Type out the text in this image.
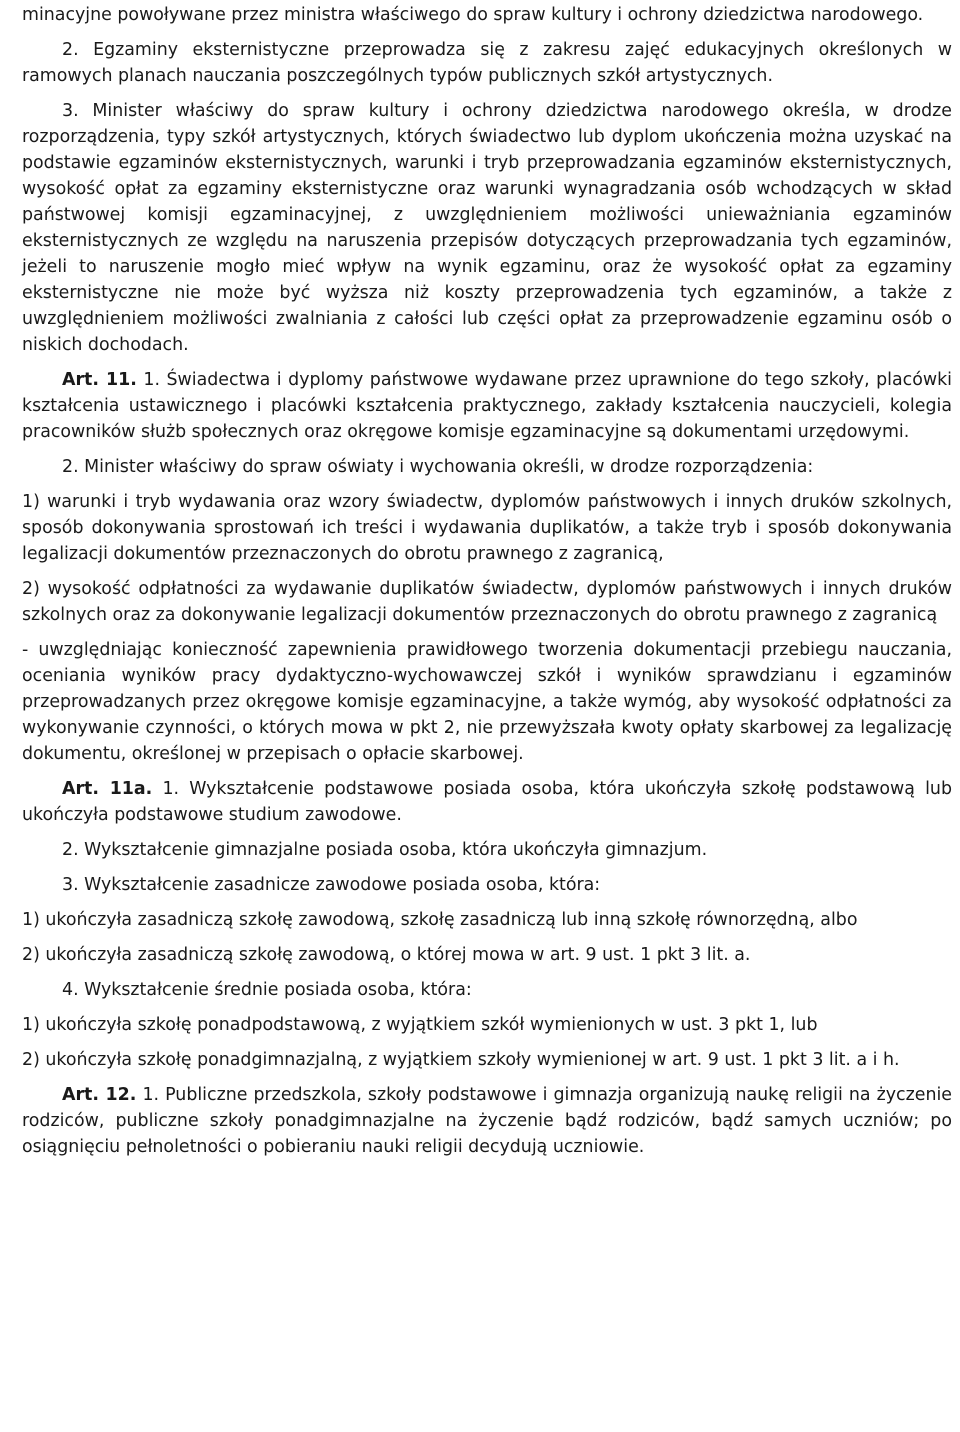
minacyjne powoływane przez ministra właściwego do spraw kultury i ochrony dziedzictwa narodowego.

2. Egzaminy eksternistyczne przeprowadza się z zakresu zajęć edukacyjnych określonych w ramowych planach nauczania poszczególnych typów publicznych szkół artystycznych.

3. Minister właściwy do spraw kultury i ochrony dziedzictwa narodowego określa, w drodze rozporządzenia, typy szkół artystycznych, których świadectwo lub dyplom ukończenia można uzyskać na podstawie egzaminów eksternistycznych, warunki i tryb przeprowadzania egzaminów eksternistycznych, wysokość opłat za egzaminy eksternistyczne oraz warunki wynagradzania osób wchodzących w skład państwowej komisji egzaminacyjnej, z uwzględnieniem możliwości unieważniania egzaminów eksternistycznych ze względu na naruszenia przepisów dotyczących przeprowadzania tych egzaminów, jeżeli to naruszenie mogło mieć wpływ na wynik egzaminu, oraz że wysokość opłat za egzaminy eksternistyczne nie może być wyższa niż koszty przeprowadzenia tych egzaminów, a także z uwzględnieniem możliwości zwalniania z całości lub części opłat za przeprowadzenie egzaminu osób o niskich dochodach.

Art. 11. 1. Świadectwa i dyplomy państwowe wydawane przez uprawnione do tego szkoły, placówki kształcenia ustawicznego i placówki kształcenia praktycznego, zakłady kształcenia nauczycieli, kolegia pracowników służb społecznych oraz okręgowe komisje egzaminacyjne są dokumentami urzędowymi.

2. Minister właściwy do spraw oświaty i wychowania określi, w drodze rozporządzenia:

1) warunki i tryb wydawania oraz wzory świadectw, dyplomów państwowych i innych druków szkolnych, sposób dokonywania sprostowań ich treści i wydawania duplikatów, a także tryb i sposób dokonywania legalizacji dokumentów przeznaczonych do obrotu prawnego z zagranicą,

2) wysokość odpłatności za wydawanie duplikatów świadectw, dyplomów państwowych i innych druków szkolnych oraz za dokonywanie legalizacji dokumentów przeznaczonych do obrotu prawnego z zagranicą

- uwzględniając konieczność zapewnienia prawidłowego tworzenia dokumentacji przebiegu nauczania, oceniania wyników pracy dydaktyczno-wychowawczej szkół i wyników sprawdzianu i egzaminów przeprowadzanych przez okręgowe komisje egzaminacyjne, a także wymóg, aby wysokość odpłatności za wykonywanie czynności, o których mowa w pkt 2, nie przewyższała kwoty opłaty skarbowej za legalizację dokumentu, określonej w przepisach o opłacie skarbowej.

Art. 11a. 1. Wykształcenie podstawowe posiada osoba, która ukończyła szkołę podstawową lub ukończyła podstawowe studium zawodowe.

2. Wykształcenie gimnazjalne posiada osoba, która ukończyła gimnazjum.

3. Wykształcenie zasadnicze zawodowe posiada osoba, która:

1) ukończyła zasadniczą szkołę zawodową, szkołę zasadniczą lub inną szkołę równorzędną, albo

2) ukończyła zasadniczą szkołę zawodową, o której mowa w art. 9 ust. 1 pkt 3 lit. a.

4. Wykształcenie średnie posiada osoba, która:

1) ukończyła szkołę ponadpodstawową, z wyjątkiem szkół wymienionych w ust. 3 pkt 1, lub

2) ukończyła szkołę ponadgimnazjalną, z wyjątkiem szkoły wymienionej w art. 9 ust. 1 pkt 3 lit. a i h.

Art. 12. 1. Publiczne przedszkola, szkoły podstawowe i gimnazja organizują naukę religii na życzenie rodziców, publiczne szkoły ponadgimnazjalne na życzenie bądź rodziców, bądź samych uczniów; po osiągnięciu pełnoletności o pobieraniu nauki religii decydują uczniowie.
